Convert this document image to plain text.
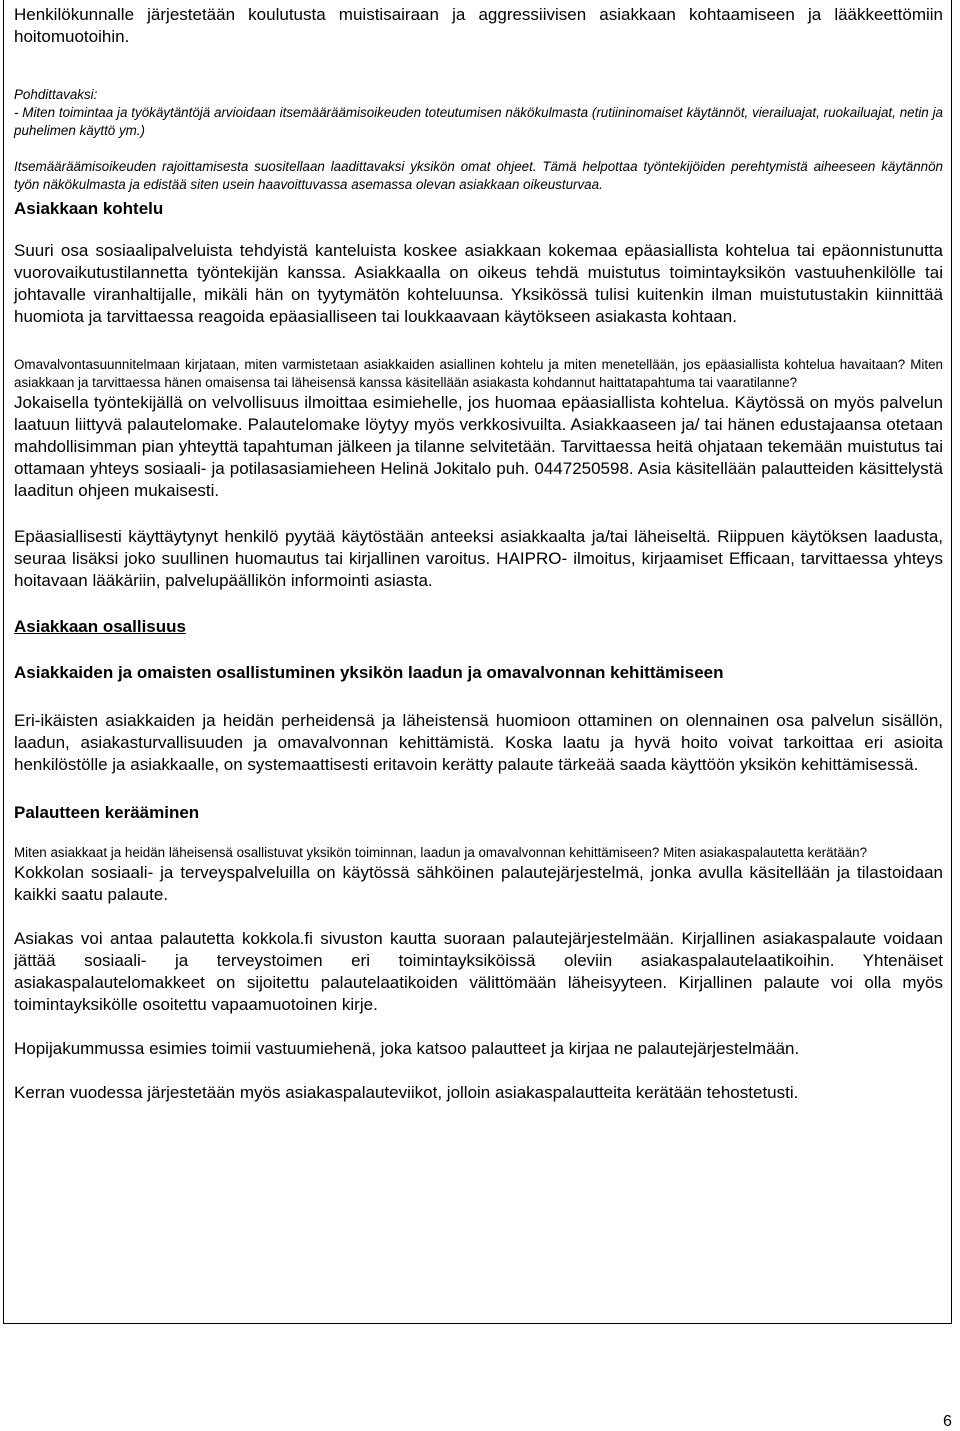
Henkilökunnalle järjestetään koulutusta muistisairaan ja aggressiivisen asiakkaan kohtaamiseen ja lääkkeettömiin hoitomuotoihin.

Pohdittavaksi:

- Miten toimintaa ja työkäytäntöjä arvioidaan itsemääräämisoikeuden toteutumisen näkökulmasta (rutiininomaiset käytännöt, vierailuajat, ruokailuajat, netin ja puhelimen käyttö ym.)

Itsemääräämisoikeuden rajoittamisesta suositellaan laadittavaksi yksikön omat ohjeet. Tämä helpottaa työntekijöiden perehtymistä aiheeseen käytännön työn näkökulmasta ja edistää siten usein haavoittuvassa asemassa olevan asiakkaan oikeusturvaa.

Asiakkaan kohtelu

Suuri osa sosiaalipalveluista tehdyistä kanteluista koskee asiakkaan kokemaa epäasiallista kohtelua tai epäonnistunutta vuorovaikutustilannetta työntekijän kanssa. Asiakkaalla on oikeus tehdä muistutus toimintayksikön vastuuhenkilölle tai johtavalle viranhaltijalle, mikäli hän on tyytymätön kohteluunsa. Yksikössä tulisi kuitenkin ilman muistutustakin kiinnittää huomiota ja tarvittaessa reagoida epäasialliseen tai loukkaavaan käytökseen asiakasta kohtaan.

Omavalvontasuunnitelmaan kirjataan, miten varmistetaan asiakkaiden asiallinen kohtelu ja miten menetellään, jos epäasiallista kohtelua havaitaan? Miten asiakkaan ja tarvittaessa hänen omaisensa tai läheisensä kanssa käsitellään asiakasta kohdannut haittatapahtuma tai vaaratilanne?

Jokaisella työntekijällä on velvollisuus ilmoittaa esimiehelle, jos huomaa epäasiallista kohtelua. Käytössä on myös palvelun laatuun liittyvä palautelomake. Palautelomake löytyy myös verkkosivuilta. Asiakkaaseen ja/ tai hänen edustajaansa otetaan mahdollisimman pian yhteyttä tapahtuman jälkeen ja tilanne selvitetään. Tarvittaessa heitä ohjataan tekemään muistutus tai ottamaan yhteys sosiaali- ja potilasasiamieheen Helinä Jokitalo puh. 0447250598. Asia käsitellään palautteiden käsittelystä laaditun ohjeen mukaisesti.

Epäasiallisesti käyttäytynyt henkilö pyytää käytöstään anteeksi asiakkaalta ja/tai läheiseltä. Riippuen käytöksen laadusta, seuraa lisäksi joko suullinen huomautus tai kirjallinen varoitus. HAIPRO- ilmoitus, kirjaamiset Efficaan, tarvittaessa yhteys hoitavaan lääkäriin, palvelupäällikön informointi asiasta.

Asiakkaan osallisuus

Asiakkaiden ja omaisten osallistuminen yksikön laadun ja omavalvonnan kehittämiseen

Eri-ikäisten asiakkaiden ja heidän perheidensä ja läheistensä huomioon ottaminen on olennainen osa palvelun sisällön, laadun, asiakasturvallisuuden ja omavalvonnan kehittämistä. Koska laatu ja hyvä hoito voivat tarkoittaa eri asioita henkilöstölle ja asiakkaalle, on systemaattisesti eritavoin kerätty palaute tärkeää saada käyttöön yksikön kehittämisessä.

Palautteen kerääminen

Miten asiakkaat ja heidän läheisensä osallistuvat yksikön toiminnan, laadun ja omavalvonnan kehittämiseen? Miten asiakaspalautetta kerätään?

Kokkolan sosiaali- ja terveyspalveluilla on käytössä sähköinen palautejärjestelmä, jonka avulla käsitellään ja tilastoidaan kaikki saatu palaute.

Asiakas voi antaa palautetta kokkola.fi sivuston kautta suoraan palautejärjestelmään. Kirjallinen asiakaspalaute voidaan jättää sosiaali- ja terveystoimen eri toimintayksiköissä oleviin asiakaspalautelaatikoihin. Yhtenäiset asiakaspalautelomakkeet on sijoitettu palautelaatikoiden välittömään läheisyyteen. Kirjallinen palaute voi olla myös toimintayksikölle osoitettu vapaamuotoinen kirje.

Hopijakummussa esimies toimii vastuumiehenä, joka katsoo palautteet ja kirjaa ne palautejärjestelmään.

Kerran vuodessa järjestetään myös asiakaspalauteviikot, jolloin asiakaspalautteita kerätään tehostetusti.

6
